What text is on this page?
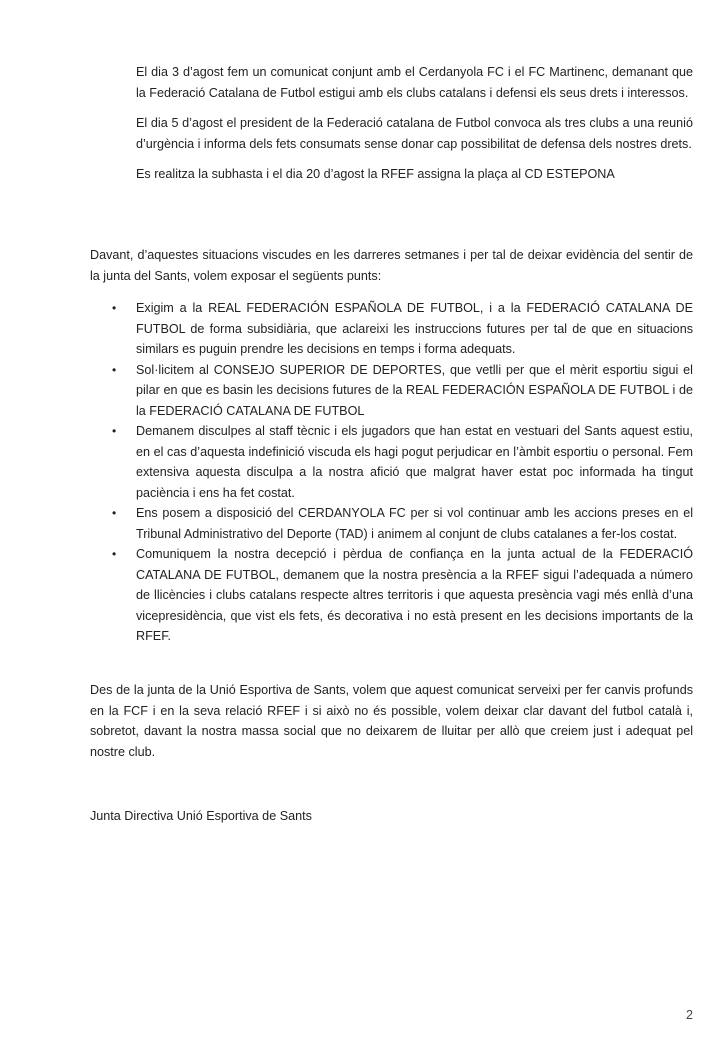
El dia 3 d’agost fem un comunicat conjunt amb el Cerdanyola FC i el FC Martinenc, demanant que la Federació Catalana de Futbol estigui amb els clubs catalans i defensi els seus drets i interessos.

El dia 5 d’agost el president de la Federació catalana de Futbol convoca als tres clubs a una reunió d’urgència i informa dels fets consumats sense donar cap possibilitat de defensa dels nostres drets.

Es realitza la subhasta i el dia 20 d’agost la RFEF assigna la plaça al CD ESTEPONA

Davant, d’aquestes situacions viscudes en les darreres setmanes i per tal de deixar evidència del sentir de la junta del Sants, volem exposar el següents punts:

• Exigim a la REAL FEDERACIÓN ESPAÑOLA DE FUTBOL, i a la FEDERACIÓ CATALANA DE FUTBOL de forma subsidiària, que aclareixi les instruccions futures per tal de que en situacions similars es puguin prendre les decisions en temps i forma adequats.
• Sol·licitem al CONSEJO SUPERIOR DE DEPORTES, que vetlli per que el mèrit esportiu sigui el pilar en que es basin les decisions futures de la REAL FEDERACIÓN ESPAÑOLA DE FUTBOL i de la FEDERACIÓ CATALANA DE FUTBOL
• Demanem disculpes al staff tècnic i els jugadors que han estat en vestuari del Sants aquest estiu, en el cas d’aquesta indefinició viscuda els hagi pogut perjudicar en l’àmbit esportiu o personal. Fem extensiva aquesta disculpa a la nostra afició que malgrat haver estat poc informada ha tingut paciència i ens ha fet costat.
• Ens posem a disposició del CERDANYOLA FC per si vol continuar amb les accions preses en el Tribunal Administrativo del Deporte (TAD) i animem al conjunt de clubs catalanes a fer-los costat.
• Comuniquem la nostra decepció i pèrdua de confiança en la junta actual de la FEDERACIÓ CATALANA DE FUTBOL, demanem que la nostra presència a la RFEF sigui l’adequada a número de llicències i clubs catalans respecte altres territoris i que aquesta presència vagi més enllà d’una vicepresidència, que vist els fets, és decorativa i no està present en les decisions importants de la RFEF.

Des de la junta de la Unió Esportiva de Sants, volem que aquest comunicat serveixi per fer canvis profunds en la FCF i en la seva relació RFEF i si això no és possible, volem deixar clar davant del futbol català i, sobretot, davant la nostra massa social que no deixarem de lluitar per allò que creiem just i adequat pel nostre club.

Junta Directiva Unió Esportiva de Sants
2
